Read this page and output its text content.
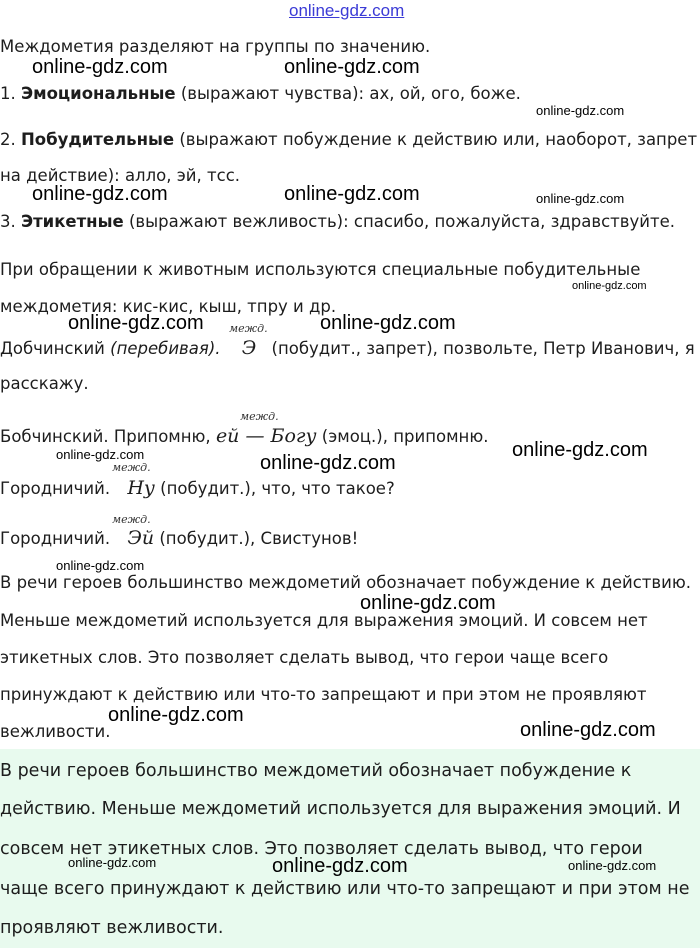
online-gdz.com
Междометия разделяют на группы по значению.
1. Эмоциональные (выражают чувства): ах, ой, ого, боже.
2. Побудительные (выражают побуждение к действию или, наоборот, запрет
на действие): алло, эй, тсс.
3. Этикетные (выражают вежливость): спасибо, пожалуйста, здравствуйте.
При обращении к животным используются специальные побудительные
междометия: кис-кис, кыш, тпру и др.
межд.
Добчинский (перебивая). Э (побудит., запрет), позвольте, Петр Иванович, я
расскажу.
межд.
Бобчинский. Припомню, ей — Богу (эмоц.), припомню.
межд.
Городничий. Ну (побудит.), что, что такое?
межд.
Городничий. Эй (побудит.), Свистунов!
В речи героев большинство междометий обозначает побуждение к действию.
Меньше междометий используется для выражения эмоций. И совсем нет
этикетных слов. Это позволяет сделать вывод, что герои чаще всего
принуждают к действию или что-то запрещают и при этом не проявляют
вежливости.
В речи героев большинство междометий обозначает побуждение к
действию. Меньше междометий используется для выражения эмоций. И
совсем нет этикетных слов. Это позволяет сделать вывод, что герои
чаще всего принуждают к действию или что-то запрещают и при этом не
проявляют вежливости.
online-gdz.com	online-gdz.com
online-gdz.com
online-gdz.com	online-gdz.com	online-gdz.com
online-gdz.com
online-gdz.com	online-gdz.com
online-gdz.com	online-gdz.com
online-gdz.com
online-gdz.com
online-gdz.com
online-gdz.com
online-gdz.com
online-gdz.com	online-gdz.com	online-gdz.com
